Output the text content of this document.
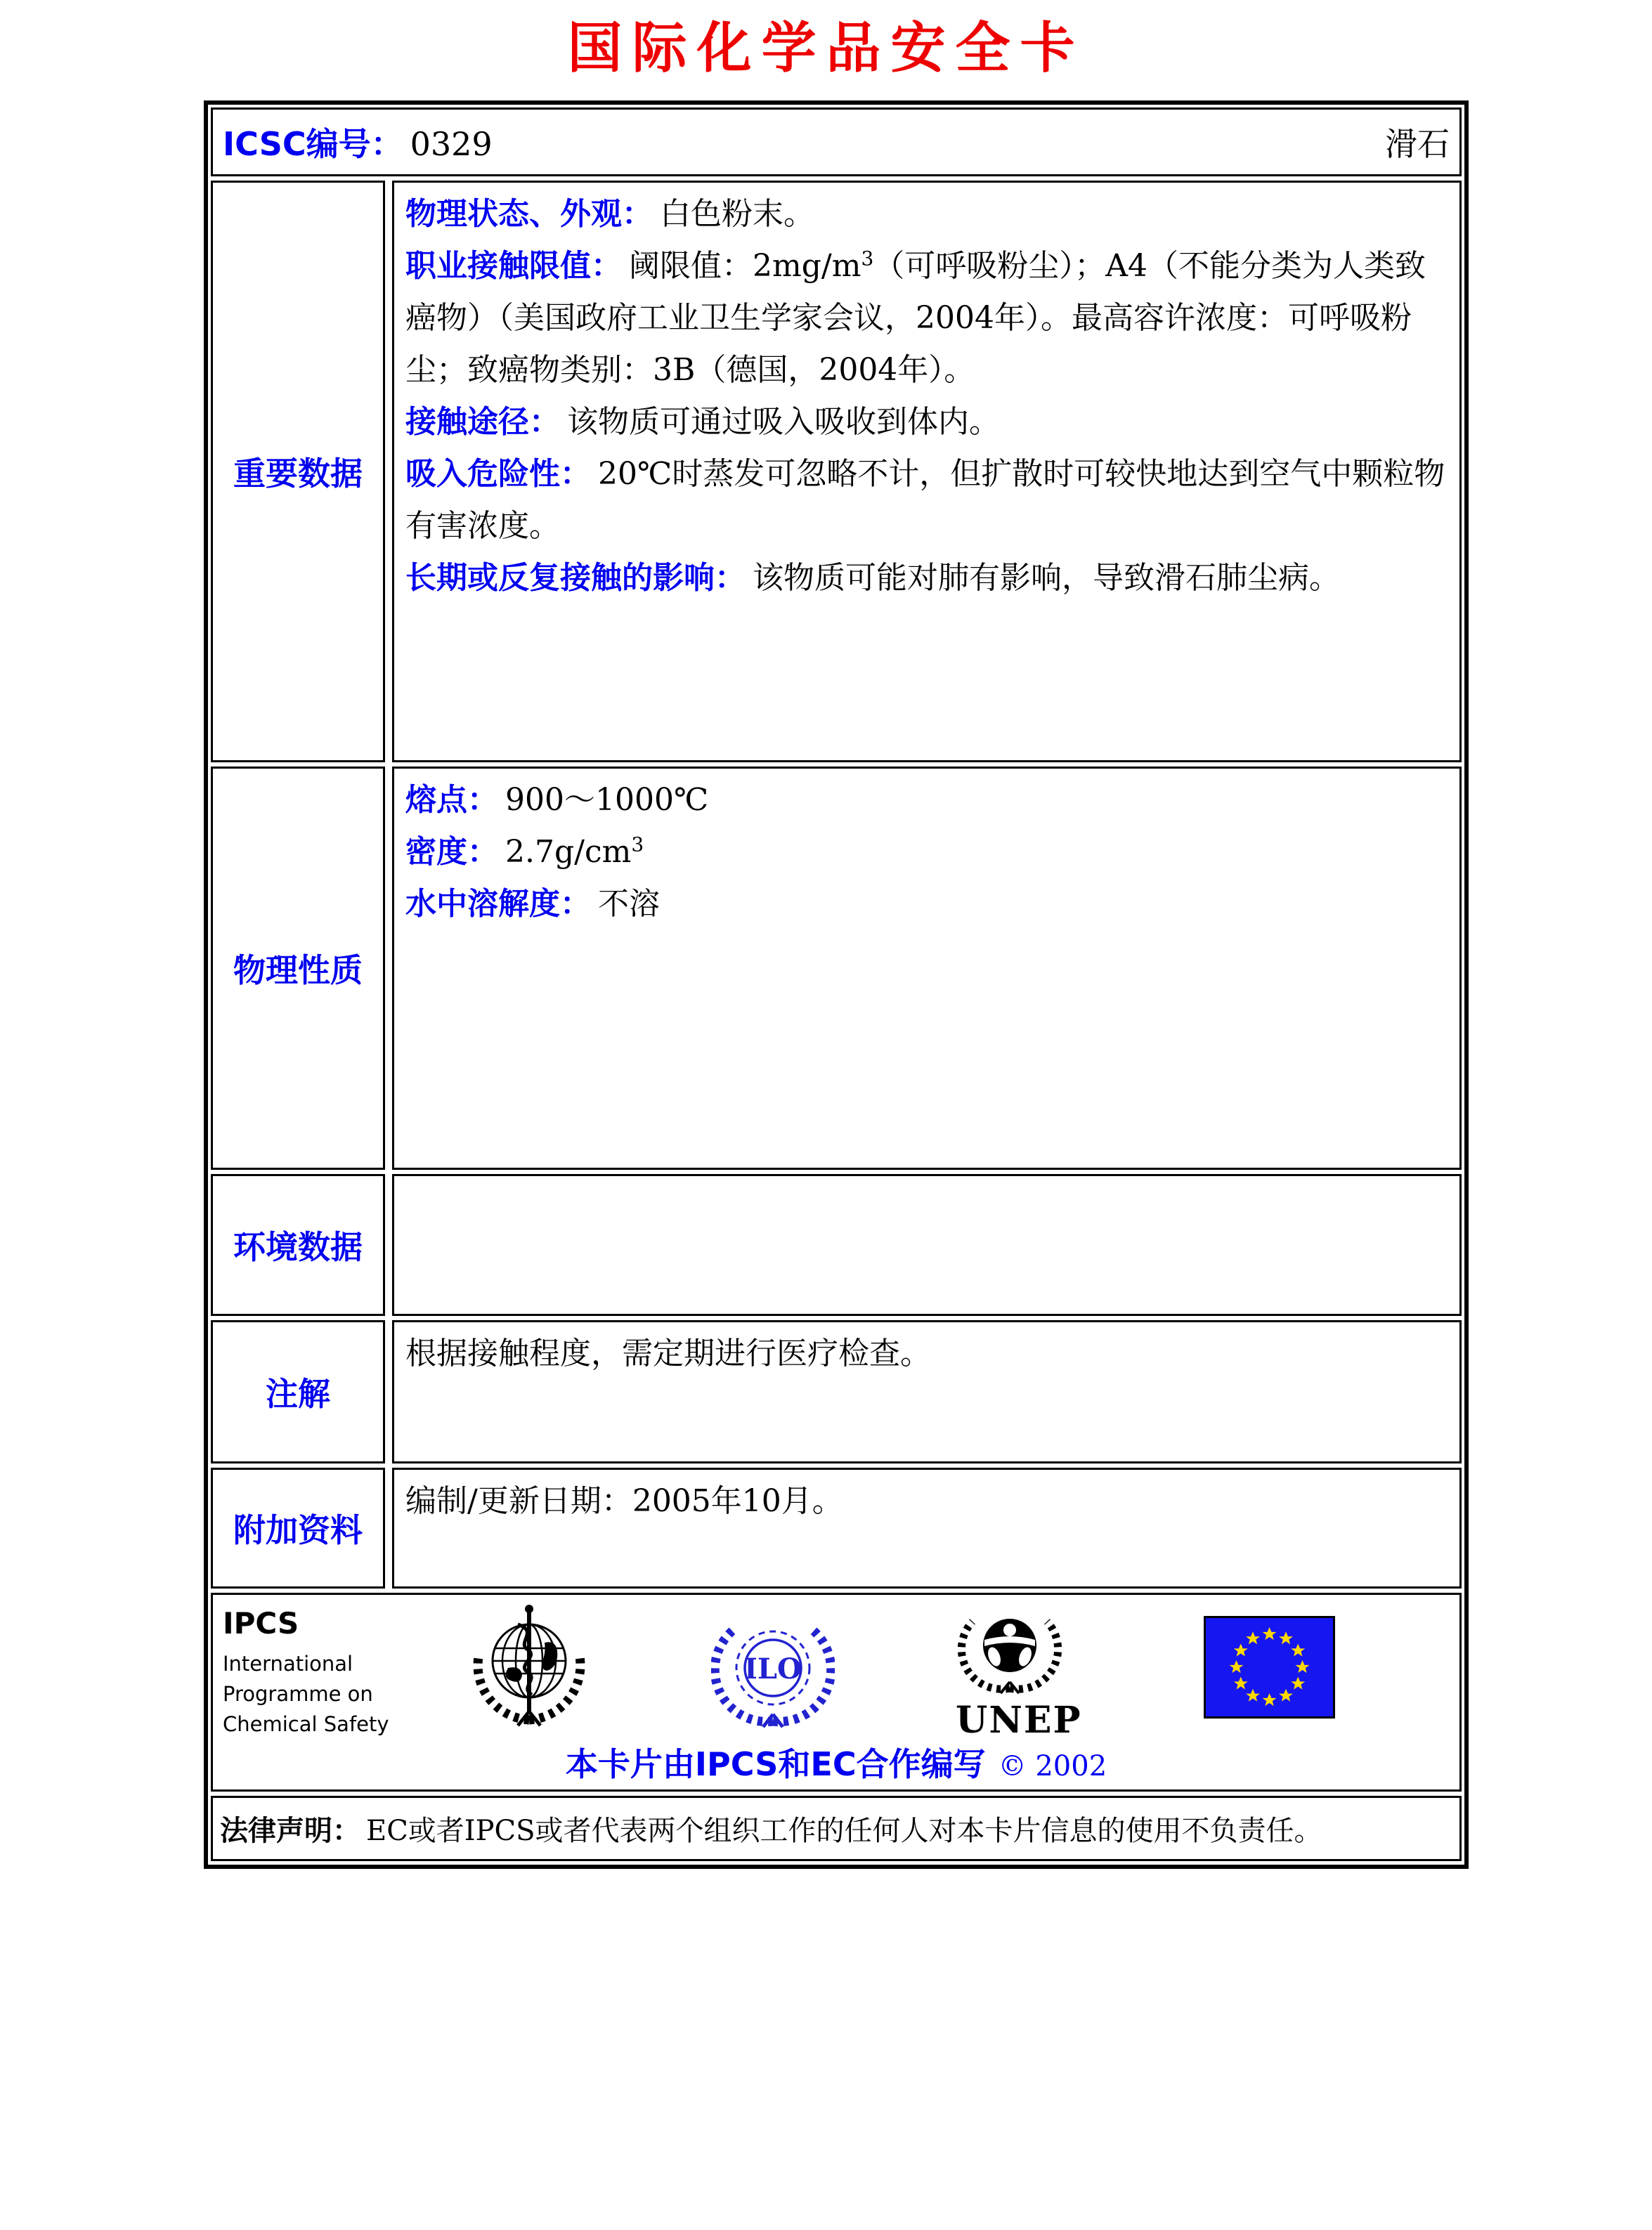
国际化学品安全卡
ICSC编号： 0329	滑石
重要数据

物理状态、外观： 白色粉末。

职业接触限值： 阈限值：$2mg/m^3$（可呼吸粉尘）；A4（不能分类为人类致癌物）（美国政府工业卫生学家会议，2004年）。最高容许浓度：可呼吸粉尘；致癌物类别：3B（德国，2004年）。

接触途径： 该物质可通过吸入吸收到体内。

吸入危险性： 20℃时蒸发可忽略不计，但扩散时可较快地达到空气中颗粒物有害浓度。

长期或反复接触的影响： 该物质可能对肺有影响，导致滑石肺尘病。

物理性质

熔点： 900～1000℃

密度： $2.7g/cm^3$

水中溶解度： 不溶

环境数据

注解

根据接触程度，需定期进行医疗检查。

附加资料

编制/更新日期：2005年10月。

IPCS
International
Programme on
Chemical Safety
ILO
UNEP
本卡片由IPCS和EC合作编写 © 2002
法律声明： EC或者IPCS或者代表两个组织工作的任何人对本卡片信息的使用不负责任。
